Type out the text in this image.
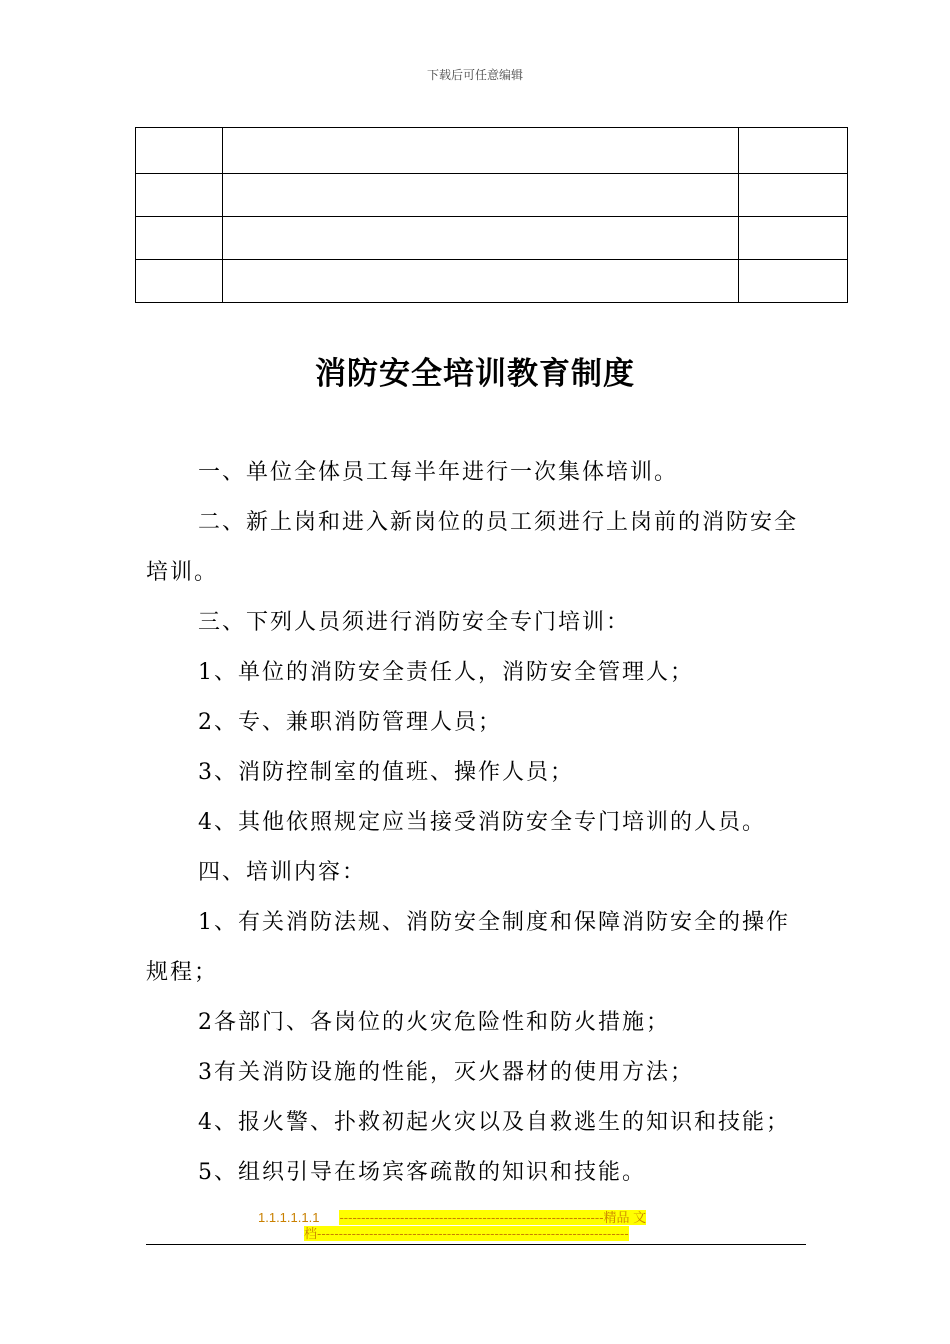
下载后可任意编辑

消防安全培训教育制度

一、单位全体员工每半年进行一次集体培训。

二、新上岗和进入新岗位的员工须进行上岗前的消防安全培训。

三、下列人员须进行消防安全专门培训：

1、单位的消防安全责任人，消防安全管理人；

2、专、兼职消防管理人员；

3、消防控制室的值班、操作人员；

4、其他依照规定应当接受消防安全专门培训的人员。

四、培训内容：

1、有关消防法规、消防安全制度和保障消防安全的操作规程；

2各部门、各岗位的火灾危险性和防火措施；

3有关消防设施的性能，灭火器材的使用方法；

4、报火警、扑救初起火灾以及自救逃生的知识和技能；

5、组织引导在场宾客疏散的知识和技能。

1.1.1.1.1.1 -------------------------------------------------------------精品 文
档------------------------------------------------------------------------
